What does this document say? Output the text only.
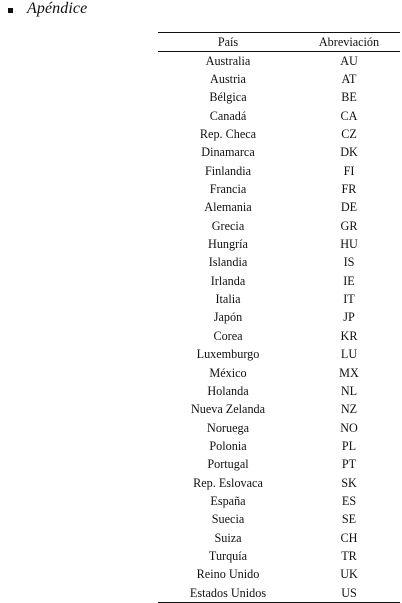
Apéndice
País	Abreviación
Australia	AU
Austria	AT
Bélgica	BE
Canadá	CA
Rep. Checa	CZ
Dinamarca	DK
Finlandia	FI
Francia	FR
Alemania	DE
Grecia	GR
Hungría	HU
Islandia	IS
Irlanda	IE
Italia	IT
Japón	JP
Corea	KR
Luxemburgo	LU
México	MX
Holanda	NL
Nueva Zelanda	NZ
Noruega	NO
Polonia	PL
Portugal	PT
Rep. Eslovaca	SK
España	ES
Suecia	SE
Suiza	CH
Turquía	TR
Reino Unido	UK
Estados Unidos	US
